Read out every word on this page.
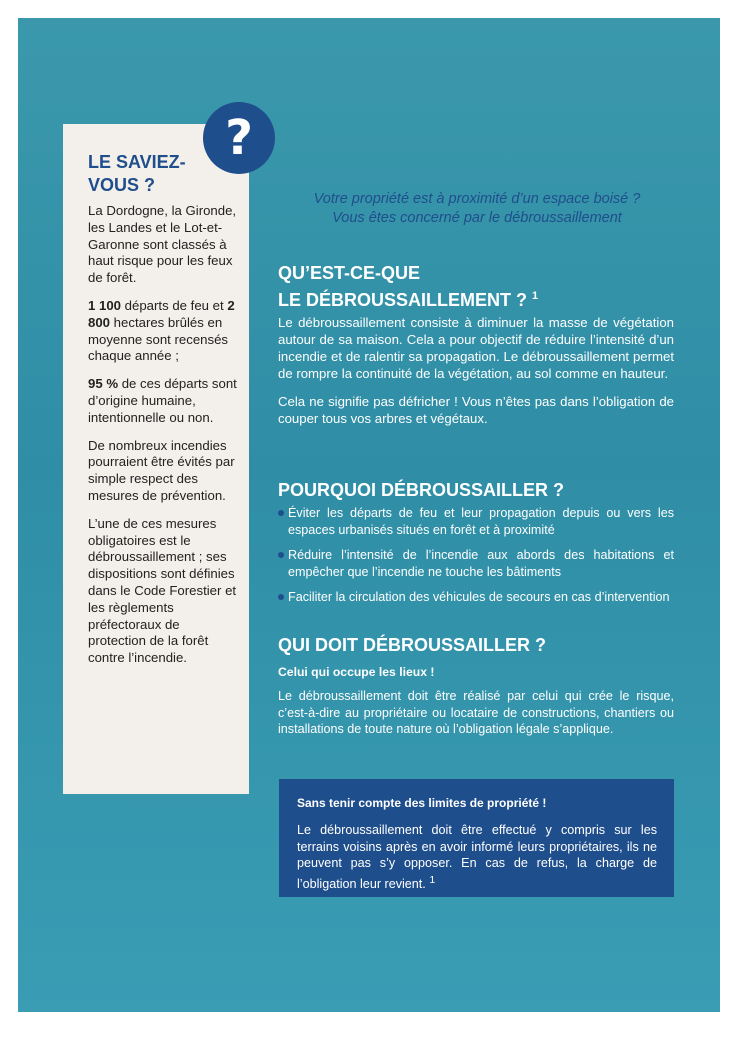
?
LE SAVIEZ-VOUS ?

La Dordogne, la Gironde, les Landes et le Lot-et-Garonne sont classés à haut risque pour les feux de forêt.

1 100 départs de feu et 2 800 hectares brûlés en moyenne sont recensés chaque année ;

95 % de ces départs sont d’origine humaine, intentionnelle ou non.

De nombreux incendies pourraient être évités par simple respect des mesures de prévention.

L’une de ces mesures obligatoires est le débroussaillement ; ses dispositions sont définies dans le Code Forestier et les règlements préfectoraux de protection de la forêt contre l’incendie.

Votre propriété est à proximité d’un espace boisé ?
Vous êtes concerné par le débroussaillement

QU’EST-CE-QUE
LE DÉBROUSSAILLEMENT ? $^1$

Le débroussaillement consiste à diminuer la masse de végétation autour de sa maison. Cela a pour objectif de réduire l’intensité d’un incendie et de ralentir sa propagation. Le débroussaillement permet de rompre la continuité de la végétation, au sol comme en hauteur.

Cela ne signifie pas défricher ! Vous n’êtes pas dans l’obligation de couper tous vos arbres et végétaux.

POURQUOI DÉBROUSSAILLER ?
Éviter les départs de feu et leur propagation depuis ou vers les espaces urbanisés situés en forêt et à proximité
Réduire l’intensité de l’incendie aux abords des habitations et empêcher que l’incendie ne touche les bâtiments
Faciliter la circulation des véhicules de secours en cas d’intervention
QUI DOIT DÉBROUSSAILLER ?

Celui qui occupe les lieux !

Le débroussaillement doit être réalisé par celui qui crée le risque, c’est-à-dire au propriétaire ou locataire de constructions, chantiers ou installations de toute nature où l’obligation légale s’applique.

Sans tenir compte des limites de propriété !

Le débroussaillement doit être effectué y compris sur les terrains voisins après en avoir informé leurs propriétaires, ils ne peuvent pas s’y opposer. En cas de refus, la charge de l’obligation leur revient. $^1$
